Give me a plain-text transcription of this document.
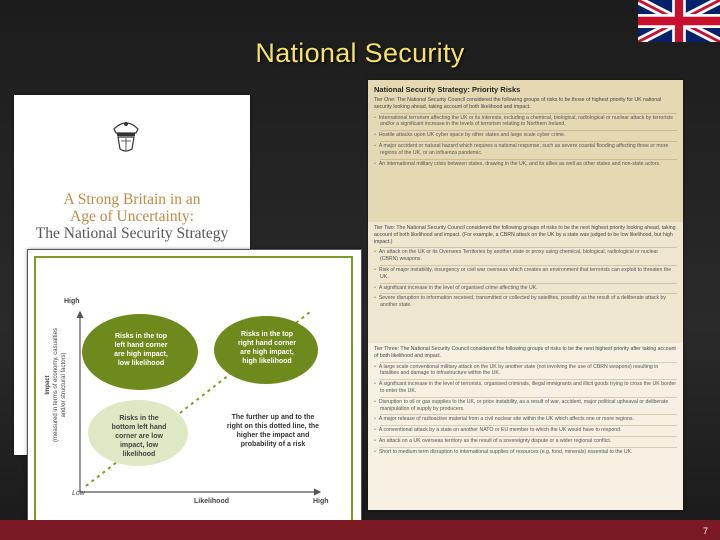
National Security
A Strong Britain in an
Age of Uncertainty:
The National Security Strategy
National Security Strategy: Priority Risks
Tier One: The National Security Council considered the following groups of risks to be those of highest priority for UK national security looking ahead, taking account of both likelihood and impact.
• International terrorism affecting the UK or its interests, including a chemical, biological, radiological or nuclear attack by terrorists and/or a significant increase in the levels of terrorism relating to Northern Ireland.
• Hostile attacks upon UK cyber space by other states and large scale cyber crime.
• A major accident or natural hazard which requires a national response, such as severe coastal flooding affecting three or more regions of the UK, or an influenza pandemic.
• An international military crisis between states, drawing in the UK, and its allies as well as other states and non-state actors.
Tier Two: The National Security Council considered the following groups of risks to be the next highest priority looking ahead, taking account of both likelihood and impact. (For example, a CBRN attack on the UK by a state was judged to be low likelihood, but high impact.)
• An attack on the UK or its Oversees Territories by another state or proxy using chemical, biological, radiological or nuclear (CBRN) weapons.
• Risk of major instability, insurgency or civil war overseas which creates an environment that terrorists can exploit to threaten the UK.
• A significant increase in the level of organised crime affecting the UK.
• Severe disruption to information received, transmitted or collected by satellites, possibly as the result of a deliberate attack by another state.
Tier Three: The National Security Council considered the following groups of risks to be the next highest priority after taking account of both likelihood and impact.
• A large scale conventional military attack on the UK by another state (not involving the use of CBRN weapons) resulting in fatalities and damage to infrastructure within the UK.
• A significant increase in the level of terrorists, organised criminals, illegal immigrants and illicit goods trying to cross the UK border to enter the UK.
• Disruption to oil or gas supplies to the UK, or price instability, as a result of war, accident, major political upheaval or deliberate manipulation of supply by producers.
• A major release of radioactive material from a civil nuclear site within the UK which affects one or more regions.
• A conventional attack by a state on another NATO or EU member to which the UK would have to respond.
• An attack on a UK overseas territory as the result of a sovereignty dispute or a wider regional conflict.
• Short to medium term disruption to international supplies of resources (e.g. food, minerals) essential to the UK.
Risks in the top left hand corner are high impact, low likelihood
Risks in the top right hand corner are high impact, high likelihood
Risks in the bottom left hand corner are low impact, low likelihood
The further up and to the right on this dotted line, the higher the impact and probability of a risk
High
Low
Likelihood	High
Impact (measured in terms of economy, casualties and/or structural factors)
7
